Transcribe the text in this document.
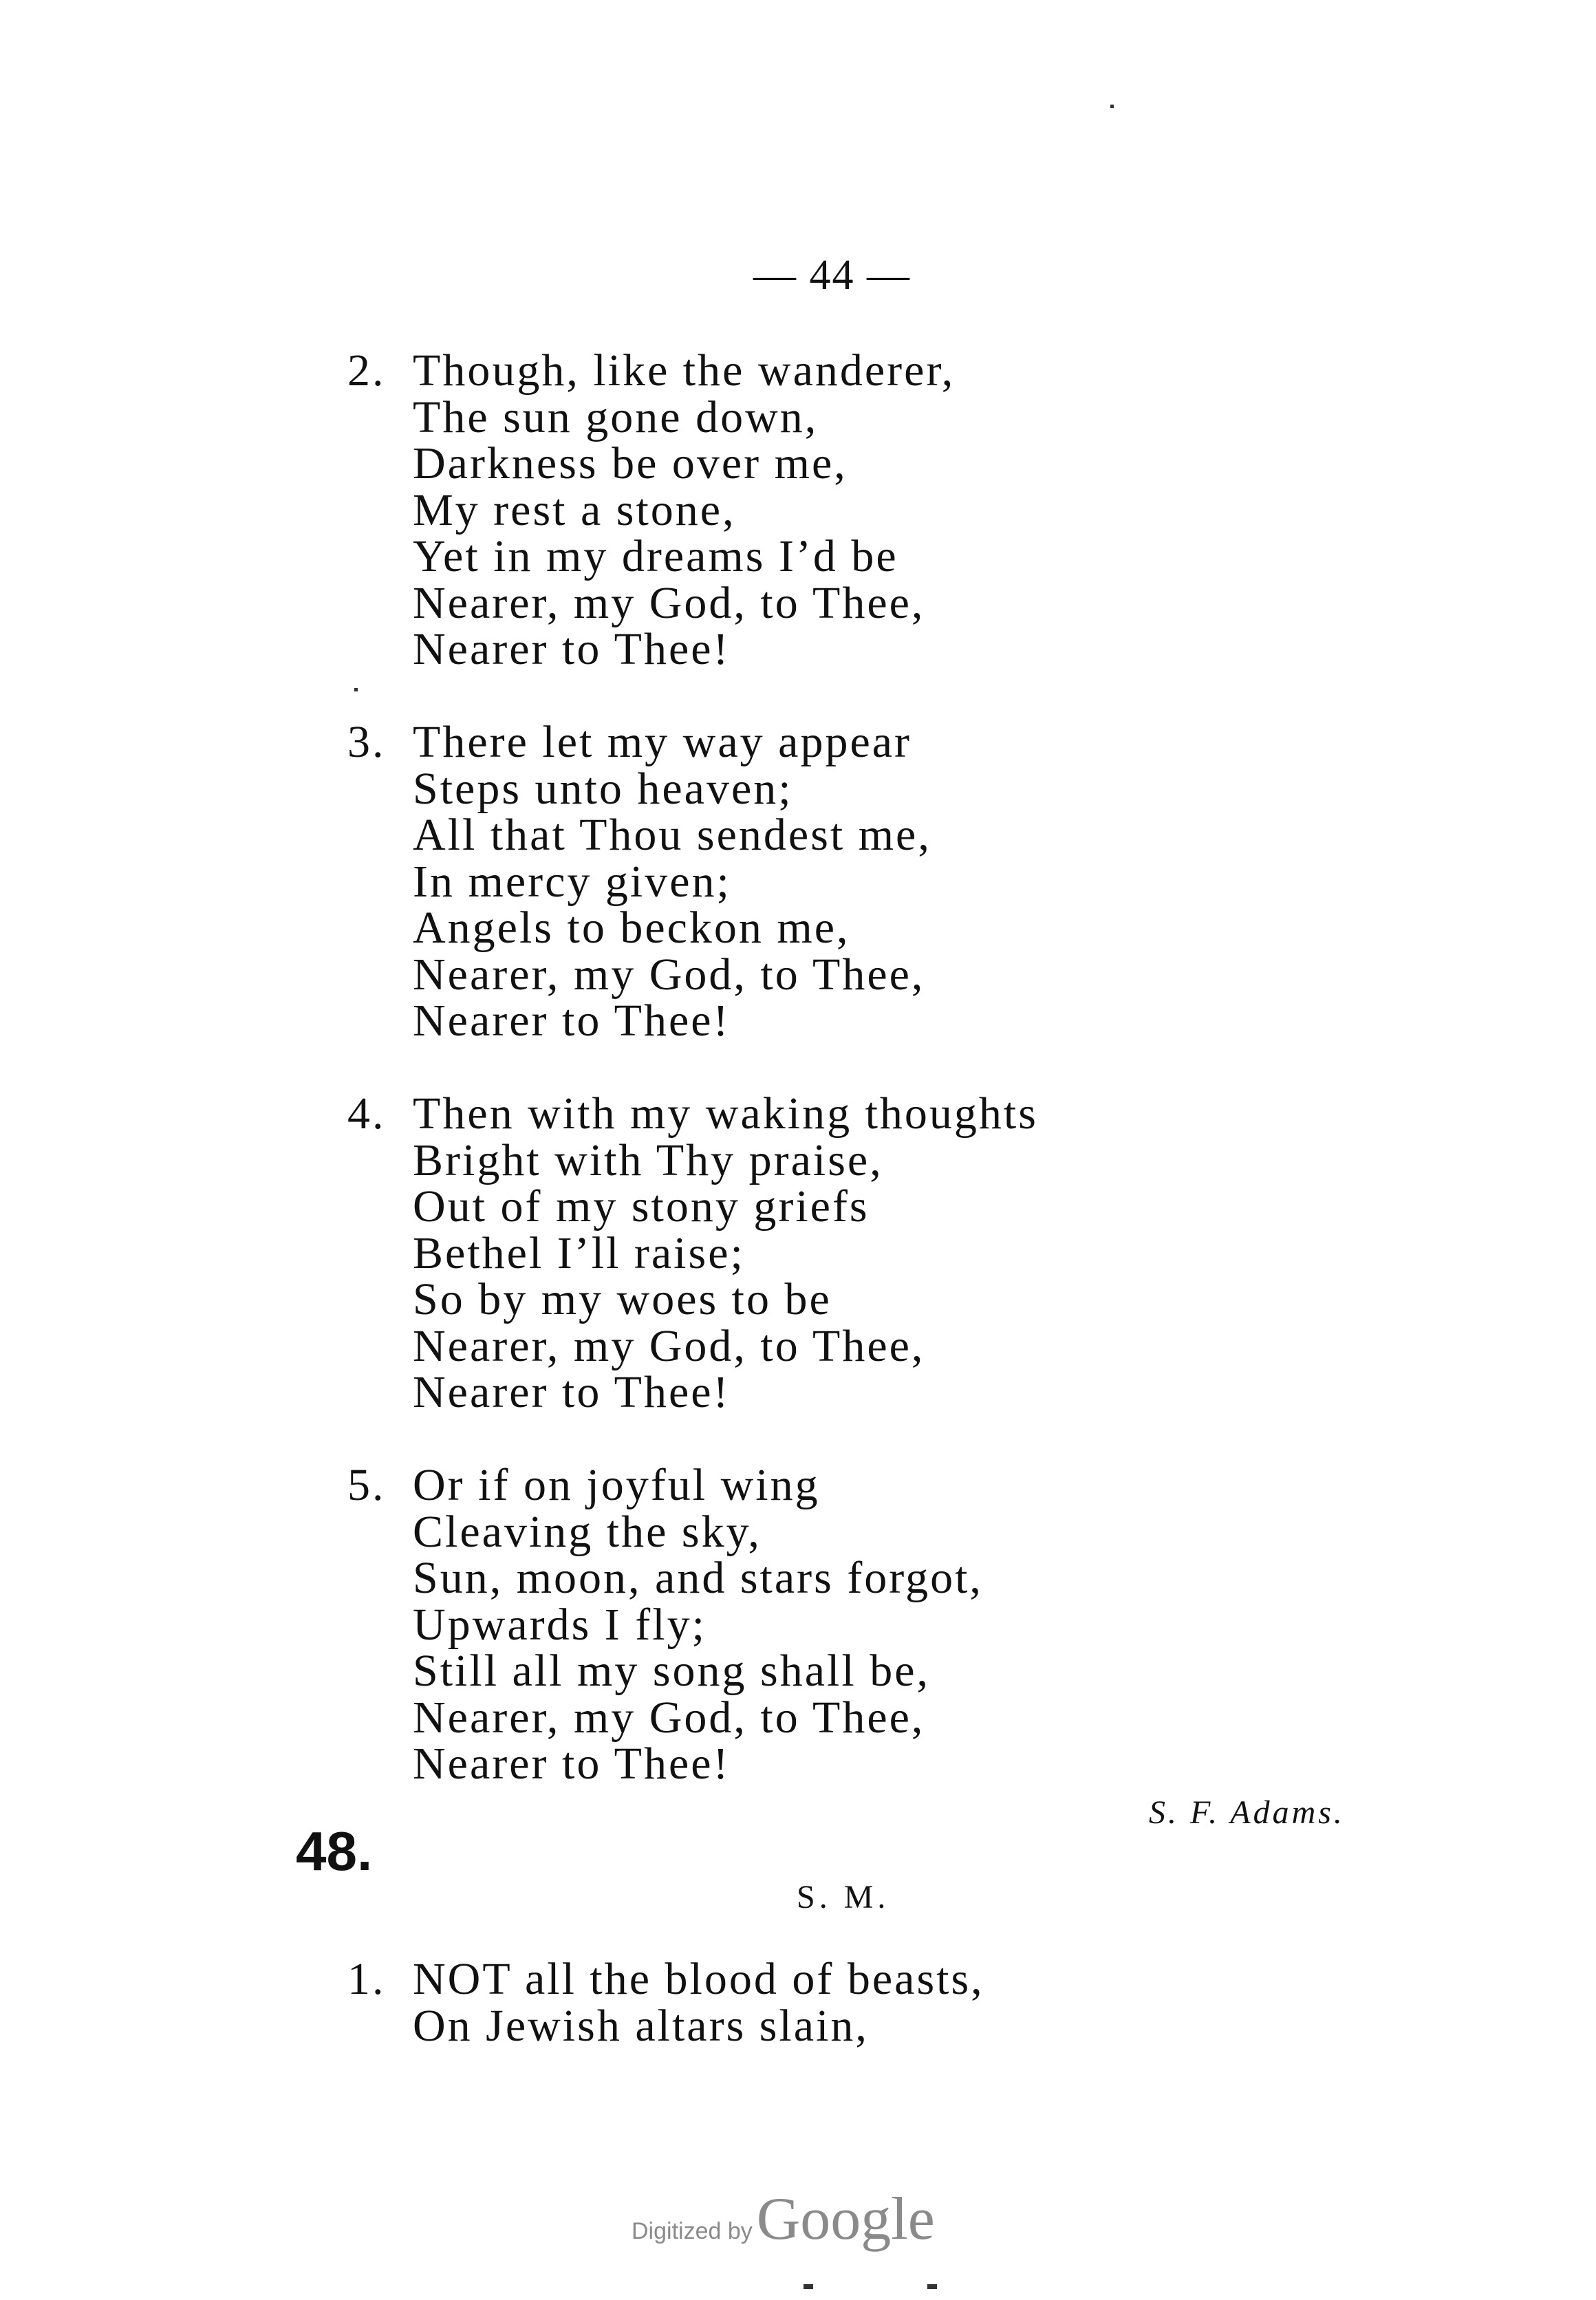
— 44 —
2. Though, like the wanderer,
The sun gone down,
Darkness be over me,
My rest a stone,
Yet in my dreams I’d be
Nearer, my God, to Thee,
Nearer to Thee!
3. There let my way appear
Steps unto heaven;
All that Thou sendest me,
In mercy given;
Angels to beckon me,
Nearer, my God, to Thee,
Nearer to Thee!
4. Then with my waking thoughts
Bright with Thy praise,
Out of my stony griefs
Bethel I’ll raise;
So by my woes to be
Nearer, my God, to Thee,
Nearer to Thee!
5. Or if on joyful wing
Cleaving the sky,
Sun, moon, and stars forgot,
Upwards I fly;
Still all my song shall be,
Nearer, my God, to Thee,
Nearer to Thee!
S. F. Adams.
48.
S. M.
1. NOT all the blood of beasts,
On Jewish altars slain,
Digitized byGoogle
